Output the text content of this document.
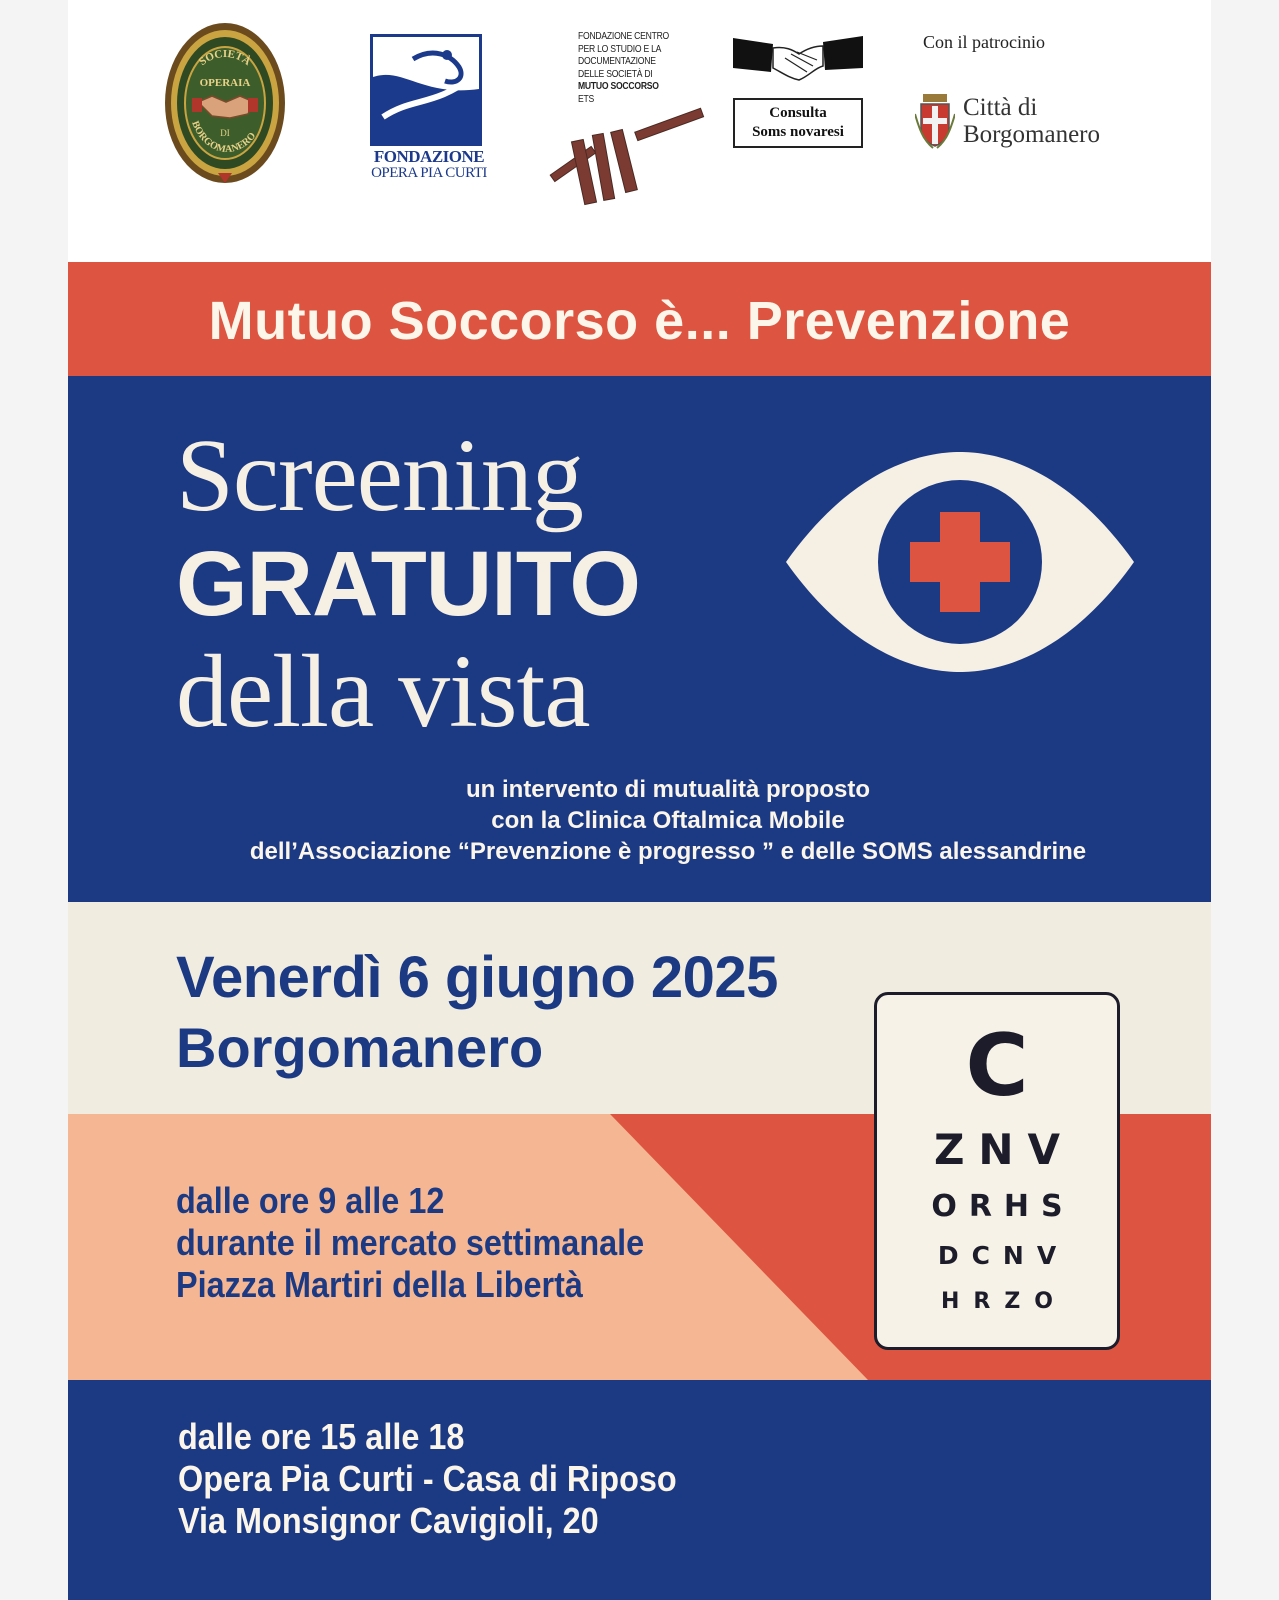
SOCIETÀ
OPERAIA
DI
BORGOMANERO
FONDAZIONE
OPERA PIA CURTI
FONDAZIONE CENTRO
PER LO STUDIO E LA
DOCUMENTAZIONE
DELLE SOCIETÀ DI
MUTUO SOCCORSO
ETS
Consulta
Soms novaresi
Con il patrocinio
Città di
Borgomanero
Mutuo Soccorso è... Prevenzione
Screening
GRATUITO
della vista
un intervento di mutualità proposto
con la Clinica Oftalmica Mobile
dell’Associazione “Prevenzione è progresso ” e delle SOMS alessandrine
Venerdì 6 giugno 2025
Borgomanero
dalle ore 9 alle 12
durante il mercato settimanale
Piazza Martiri della Libertà
dalle ore 15 alle 18
Opera Pia Curti - Casa di Riposo
Via Monsignor Cavigioli, 20
C
ZNV
ORHS
DCNV
HRZO
